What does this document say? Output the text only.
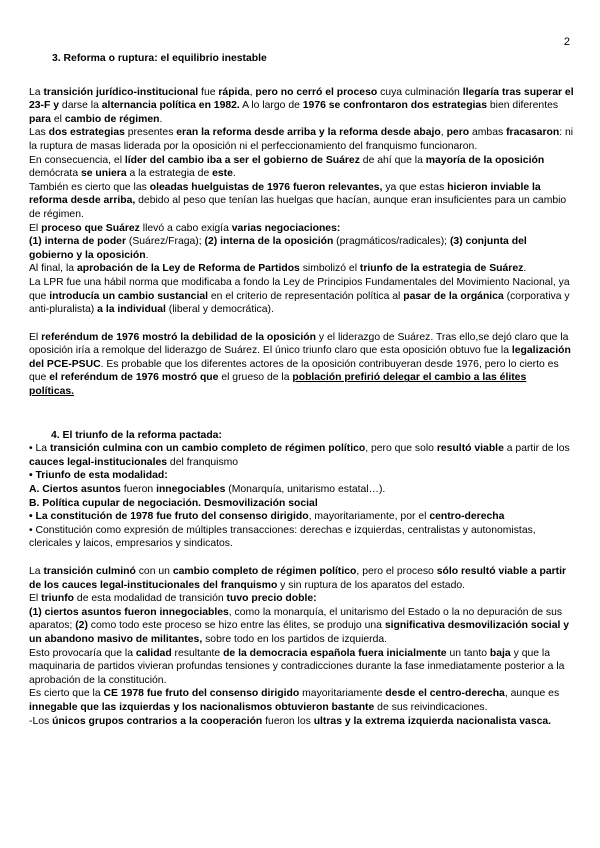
2
3. Reforma o ruptura: el equilibrio inestable

La transición jurídico-institucional fue rápida, pero no cerró el proceso cuya culminación llegaría tras superar el 23-F y darse la alternancia política en 1982. A lo largo de 1976 se confrontaron dos estrategias bien diferentes para el cambio de régimen.

Las dos estrategias presentes eran la reforma desde arriba y la reforma desde abajo, pero ambas fracasaron: ni la ruptura de masas liderada por la oposición ni el perfeccionamiento del franquismo funcionaron.

En consecuencia, el líder del cambio iba a ser el gobierno de Suárez de ahí que la mayoría de la oposición demócrata se uniera a la estrategia de este.

También es cierto que las oleadas huelguistas de 1976 fueron relevantes, ya que estas hicieron inviable la reforma desde arriba, debido al peso que tenían las huelgas que hacían, aunque eran insuficientes para un cambio de régimen.

El proceso que Suárez llevó a cabo exigía varias negociaciones:

(1) interna de poder (Suárez/Fraga); (2) interna de la oposición (pragmáticos/radicales); (3) conjunta del gobierno y la oposición.

Al final, la aprobación de la Ley de Reforma de Partidos simbolizó el triunfo de la estrategia de Suárez.

La LPR fue una hábil norma que modificaba a fondo la Ley de Principios Fundamentales del Movimiento Nacional, ya que introducía un cambio sustancial en el criterio de representación política al pasar de la orgánica (corporativa y anti-pluralista) a la individual (liberal y democrática).

El referéndum de 1976 mostró la debilidad de la oposición y el liderazgo de Suárez. Tras ello,se dejó claro que la oposición iría a remolque del liderazgo de Suárez. El único triunfo claro que esta oposición obtuvo fue la legalización del PCE-PSUC. Es probable que los diferentes actores de la oposición contribuyeran desde 1976, pero lo cierto es que el referéndum de 1976 mostró que el grueso de la población prefirió delegar el cambio a las élites políticas.

4. El triunfo de la reforma pactada:

• La transición culmina con un cambio completo de régimen político, pero que solo resultó viable a partir de los cauces legal-institucionales del franquismo

• Triunfo de esta modalidad:

A. Ciertos asuntos fueron innegociables (Monarquía, unitarismo estatal…).

B. Política cupular de negociación. Desmovilización social

• La constitución de 1978 fue fruto del consenso dirigido, mayoritariamente, por el centro-derecha

• Constitución como expresión de múltiples transacciones: derechas e izquierdas, centralistas y autonomistas, clericales y laicos, empresarios y sindicatos.

La transición culminó con un cambio completo de régimen político, pero el proceso sólo resultó viable a partir de los cauces legal-institucionales del franquismo y sin ruptura de los aparatos del estado.

El triunfo de esta modalidad de transición tuvo precio doble:

(1) ciertos asuntos fueron innegociables, como la monarquía, el unitarismo del Estado o la no depuración de sus aparatos; (2) como todo este proceso se hizo entre las élites, se produjo una significativa desmovilización social y un abandono masivo de militantes, sobre todo en los partidos de izquierda.

Esto provocaría que la calidad resultante de la democracia española fuera inicialmente un tanto baja y que la maquinaria de partidos vivieran profundas tensiones y contradicciones durante la fase inmediatamente posterior a la aprobación de la constitución.

Es cierto que la CE 1978 fue fruto del consenso dirigido mayoritariamente desde el centro-derecha, aunque es innegable que las izquierdas y los nacionalismos obtuvieron bastante de sus reivindicaciones.

-Los únicos grupos contrarios a la cooperación fueron los ultras y la extrema izquierda nacionalista vasca.
